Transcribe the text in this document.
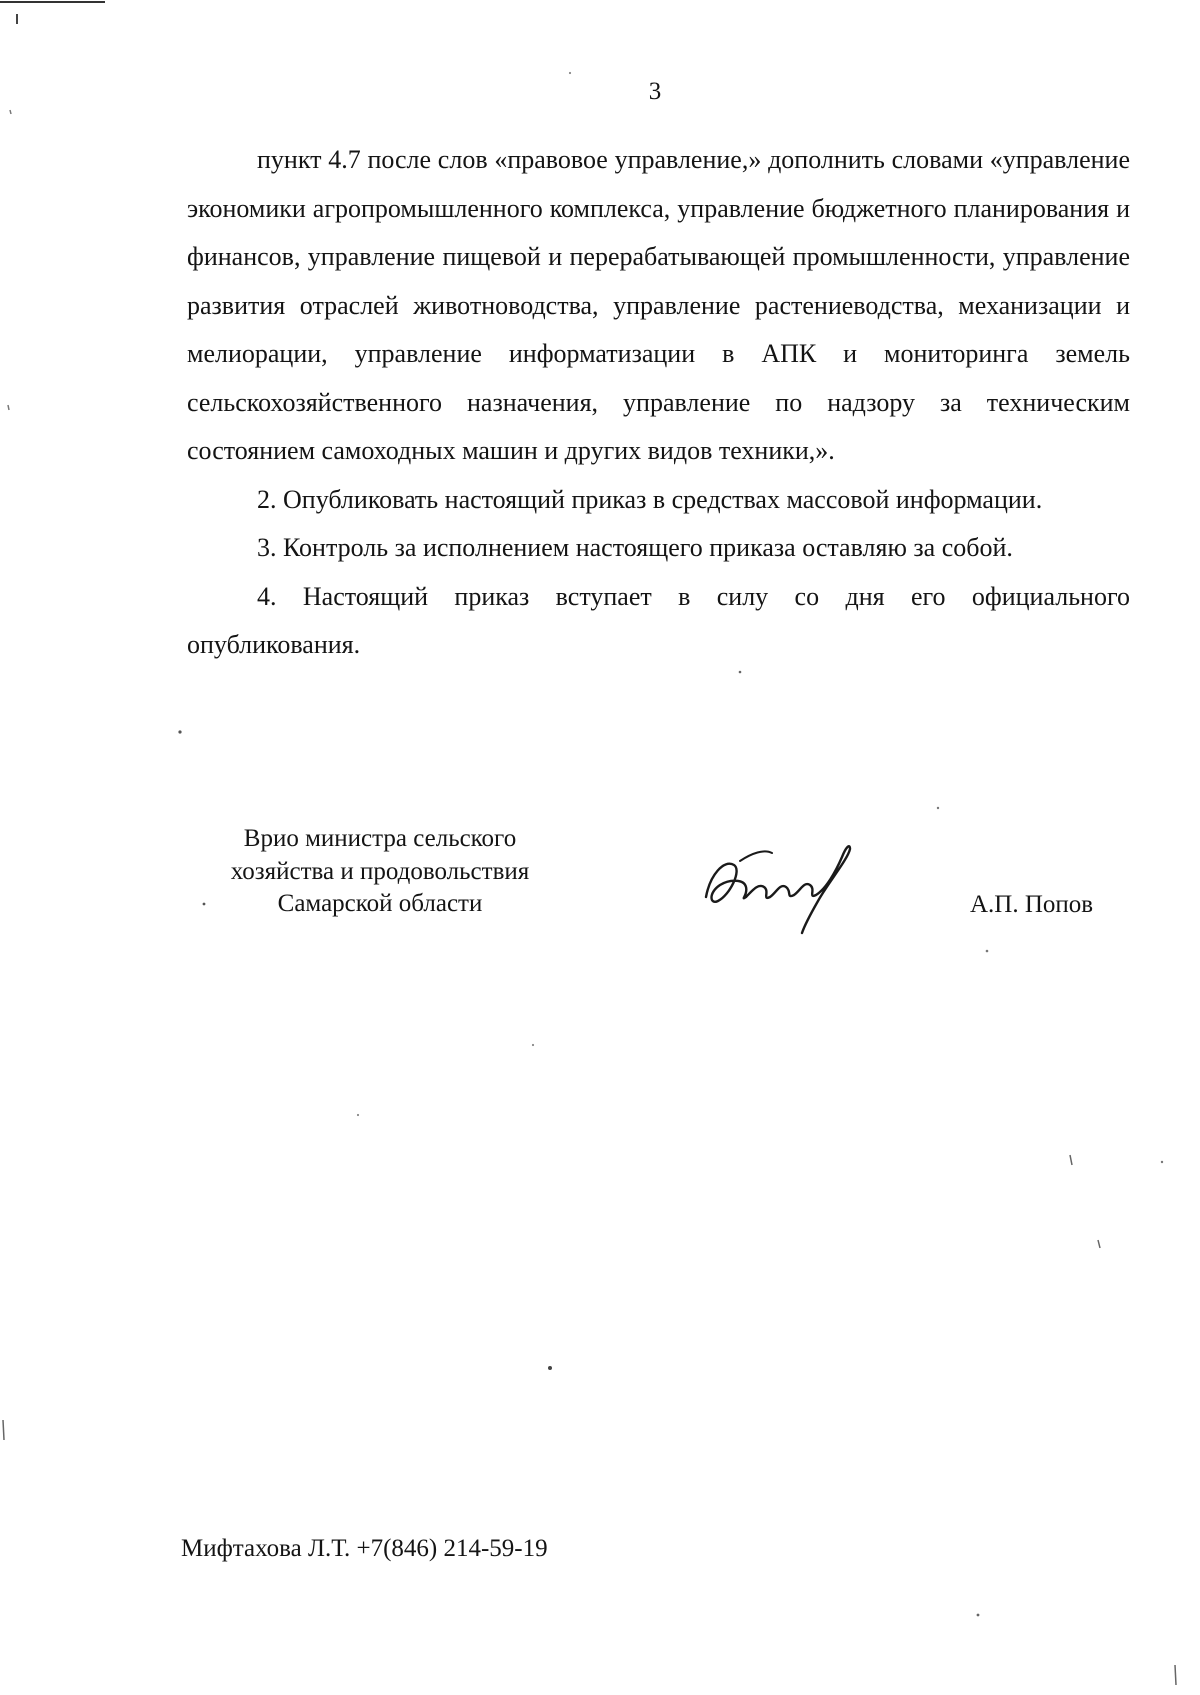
3

пункт 4.7 после слов «правовое управление,» дополнить словами «управление экономики агропромышленного комплекса, управление бюджетного планирования и финансов, управление пищевой и перерабатывающей промышленности, управление развития отраслей животноводства, управление растениеводства, механизации и мелиорации, управление информатизации в АПК и мониторинга земель сельскохозяйственного назначения, управление по надзору за техническим состоянием самоходных машин и других видов техники,».

2. Опубликовать настоящий приказ в средствах массовой информации.

3. Контроль за исполнением настоящего приказа оставляю за собой.

4. Настоящий приказ вступает в силу со дня его официального опубликования.

Врио министра сельского
хозяйства и продовольствия
Самарской области	А.П. Попов
Мифтахова Л.Т. +7(846) 214-59-19
